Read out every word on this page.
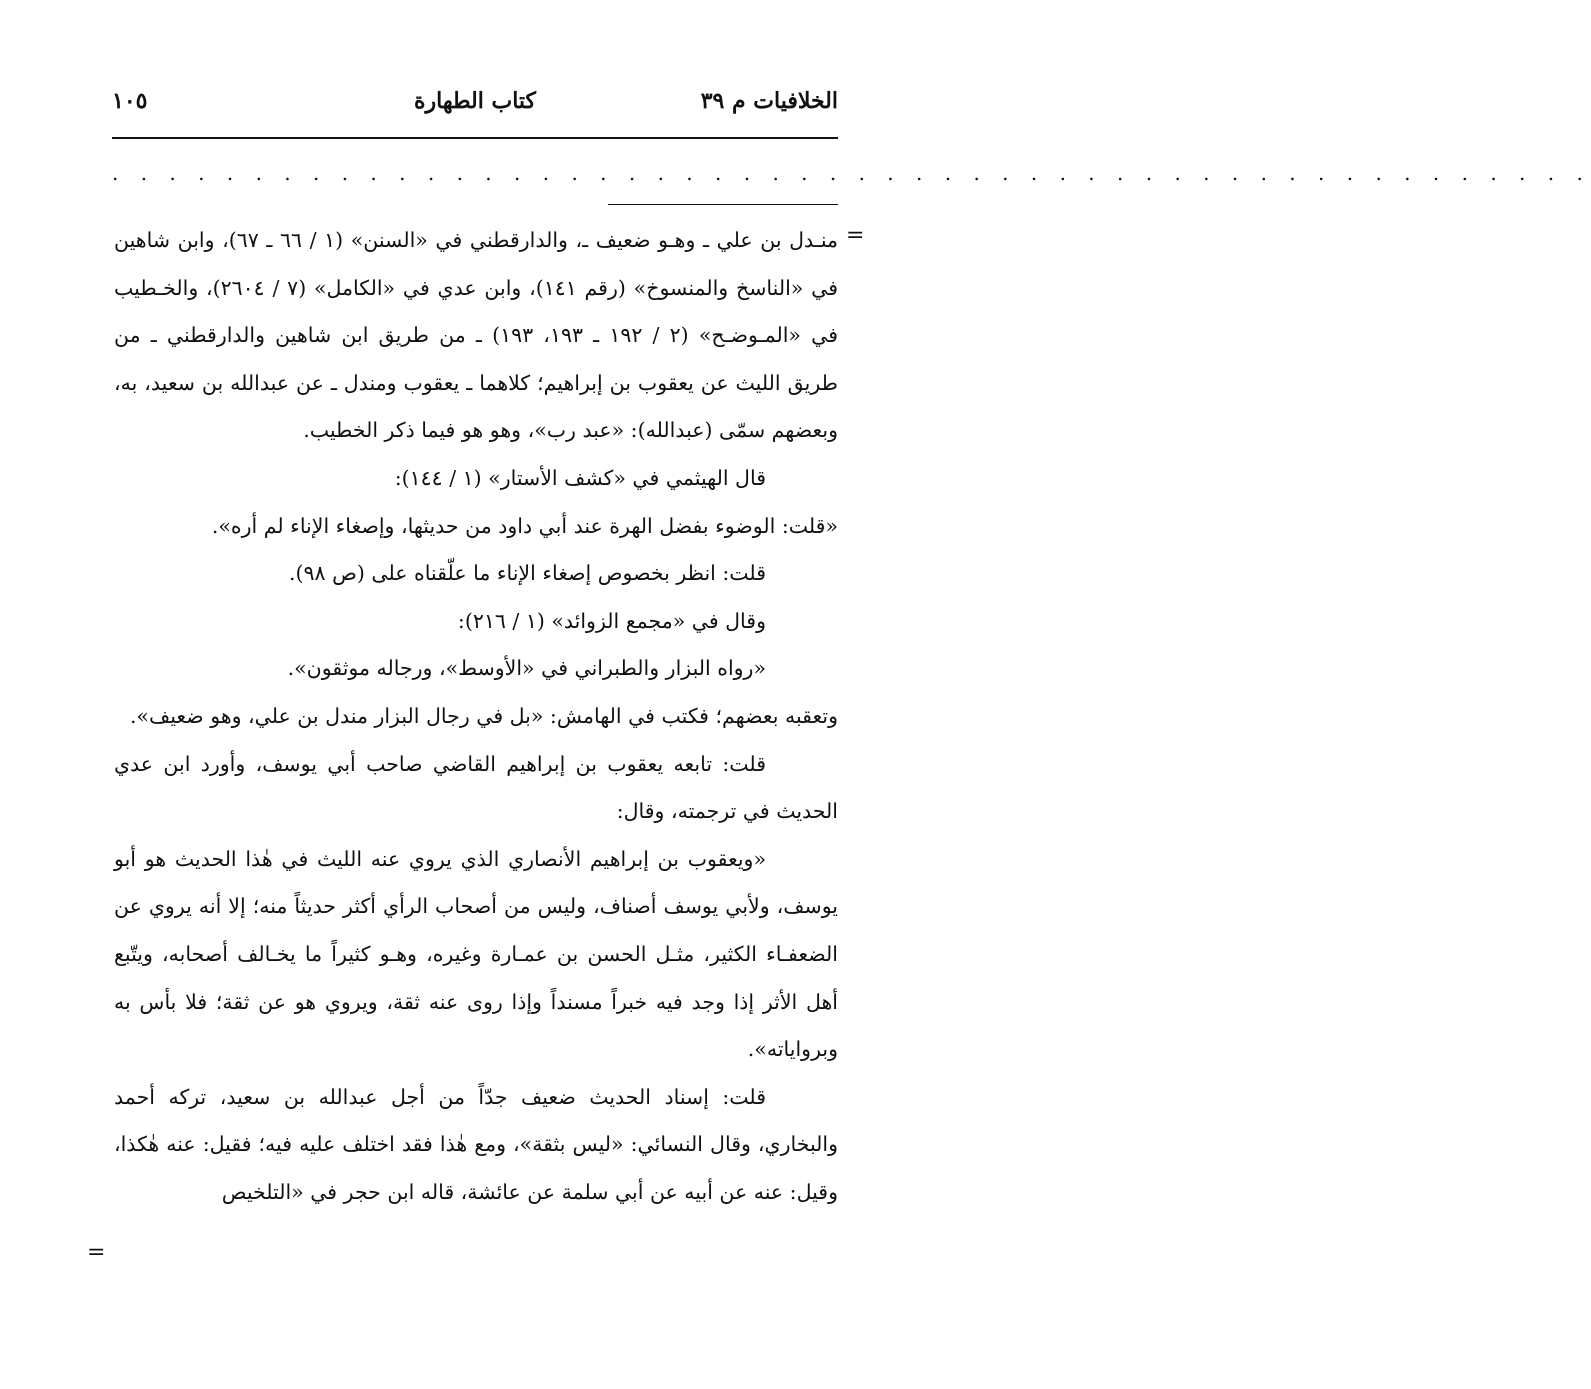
الخلافيات م ٣٩
كتاب الطهارة
١٠٥
. . . . . . . . . . . . . . . . . . . . . . . . . . . . . . . . . . . . . . . . . . . . . . . . . . . .
=

منـدل بن علي ـ وهـو ضعيف ـ، والدارقطني في «السنن» (١ / ٦٦ ـ ٦٧)، وابن شاهين في «الناسخ والمنسوخ» (رقم ١٤١)، وابن عدي في «الكامل» (٧ / ٢٦٠٤)، والخـطيب في «المـوضـح» (٢ / ١٩٢ ـ ١٩٣، ١٩٣) ـ من طريق ابن شاهين والدارقطني ـ من طريق الليث عن يعقوب بن إبراهيم؛ كلاهما ـ يعقوب ومندل ـ عن عبدالله بن سعيد، به، وبعضهم سمّى (عبدالله): «عبد رب»، وهو هو فيما ذكر الخطيب.

قال الهيثمي في «كشف الأستار» (١ / ١٤٤):

«قلت: الوضوء بفضل الهرة عند أبي داود من حديثها، وإصغاء الإناء لم أره».

قلت: انظر بخصوص إصغاء الإناء ما علّقناه على (ص ٩٨).

وقال في «مجمع الزوائد» (١ / ٢١٦):

«رواه البزار والطبراني في «الأوسط»، ورجاله موثقون».

وتعقبه بعضهم؛ فكتب في الهامش: «بل في رجال البزار مندل بن علي، وهو ضعيف».

قلت: تابعه يعقوب بن إبراهيم القاضي صاحب أبي يوسف، وأورد ابن عدي الحديث في ترجمته، وقال:

«ويعقوب بن إبراهيم الأنصاري الذي يروي عنه الليث في هٰذا الحديث هو أبو يوسف، ولأبي يوسف أصناف، وليس من أصحاب الرأي أكثر حديثاً منه؛ إلا أنه يروي عن الضعفـاء الكثير، مثـل الحسن بن عمـارة وغيره، وهـو كثيراً ما يخـالف أصحابه، ويتّبع أهل الأثر إذا وجد فيه خبراً مسنداً وإذا روى عنه ثقة، ويروي هو عن ثقة؛ فلا بأس به وبرواياته».

قلت: إسناد الحديث ضعيف جدّاً من أجل عبدالله بن سعيد، تركه أحمد والبخاري، وقال النسائي: «ليس بثقة»، ومع هٰذا فقد اختلف عليه فيه؛ فقيل: عنه هٰكذا، وقيل: عنه عن أبيه عن أبي سلمة عن عائشة، قاله ابن حجر في «التلخيص

=
